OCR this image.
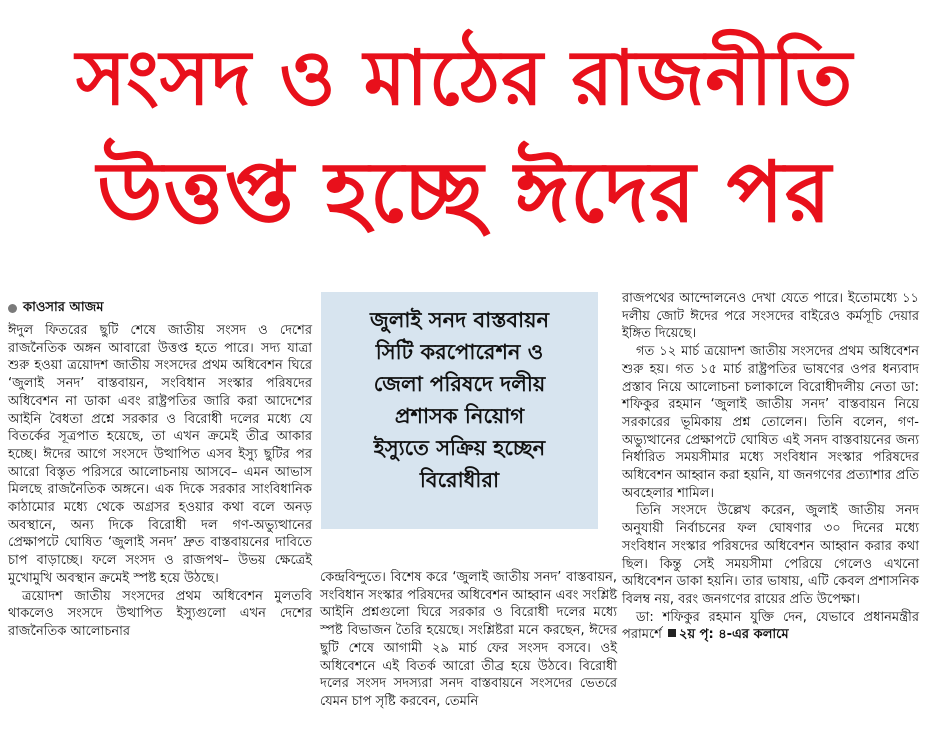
সংসদ ও মাঠের রাজনীতি
উত্তপ্ত হচ্ছে ঈদের পর
কাওসার আজম

ঈদুল ফিতরের ছুটি শেষে জাতীয় সংসদ ও দেশের রাজনৈতিক অঙ্গন আবারো উত্তপ্ত হতে পারে। সদ্য যাত্রা শুরু হওয়া ত্রয়োদশ জাতীয় সংসদের প্রথম অধিবেশন ঘিরে ‘জুলাই সনদ’ বাস্তবায়ন, সংবিধান সংস্কার পরিষদের অধিবেশন না ডাকা এবং রাষ্ট্রপতির জারি করা আদেশের আইনি বৈধতা প্রশ্নে সরকার ও বিরোধী দলের মধ্যে যে বিতর্কের সূত্রপাত হয়েছে, তা এখন ক্রমেই তীব্র আকার হচ্ছে। ঈদের আগে সংসদে উত্থাপিত এসব ইস্যু ছুটির পর আরো বিস্তৃত পরিসরে আলোচনায় আসবে– এমন আভাস মিলছে রাজনৈতিক অঙ্গনে। এক দিকে সরকার সাংবিধানিক কাঠামোর মধ্যে থেকে অগ্রসর হওয়ার কথা বলে অনড় অবস্থানে, অন্য দিকে বিরোধী দল গণ-অভ্যুত্থানের প্রেক্ষাপটে ঘোষিত ‘জুলাই সনদ’ দ্রুত বাস্তবায়নের দাবিতে চাপ বাড়াচ্ছে। ফলে সংসদ ও রাজপথ– উভয় ক্ষেত্রেই মুখোমুখি অবস্থান ক্রমেই স্পষ্ট হয়ে উঠছে।

ত্রয়োদশ জাতীয় সংসদের প্রথম অধিবেশন মুলতবি থাকলেও সংসদে উত্থাপিত ইস্যুগুলো এখন দেশের রাজনৈতিক আলোচনার

জুলাই সনদ বাস্তবায়ন
সিটি করপোরেশন ও
জেলা পরিষদে দলীয়
প্রশাসক নিয়োগ
ইস্যুতে সক্রিয় হচ্ছেন
বিরোধীরা

কেন্দ্রবিন্দুতে। বিশেষ করে ‘জুলাই জাতীয় সনদ’ বাস্তবায়ন, সংবিধান সংস্কার পরিষদের অধিবেশন আহ্বান এবং সংশ্লিষ্ট আইনি প্রশ্নগুলো ঘিরে সরকার ও বিরোধী দলের মধ্যে স্পষ্ট বিভাজন তৈরি হয়েছে। সংশ্লিষ্টরা মনে করছেন, ঈদের ছুটি শেষে আগামী ২৯ মার্চ ফের সংসদ বসবে। ওই অধিবেশনে এই বিতর্ক আরো তীব্র হয়ে উঠবে। বিরোধী দলের সংসদ সদস্যরা সনদ বাস্তবায়নে সংসদের ভেতরে যেমন চাপ সৃষ্টি করবেন, তেমনি

রাজপথের আন্দোলনেও দেখা যেতে পারে। ইতোমধ্যে ১১ দলীয় জোট ঈদের পরে সংসদের বাইরেও কর্মসূচি দেয়ার ইঙ্গিত দিয়েছে।

গত ১২ মার্চ ত্রয়োদশ জাতীয় সংসদের প্রথম অধিবেশন শুরু হয়। গত ১৫ মার্চ রাষ্ট্রপতির ভাষণের ওপর ধন্যবাদ প্রস্তাব নিয়ে আলোচনা চলাকালে বিরোধীদলীয় নেতা ডা: শফিকুর রহমান ‘জুলাই জাতীয় সনদ’ বাস্তবায়ন নিয়ে সরকারের ভূমিকায় প্রশ্ন তোলেন। তিনি বলেন, গণ-অভ্যুত্থানের প্রেক্ষাপটে ঘোষিত এই সনদ বাস্তবায়নের জন্য নির্ধারিত সময়সীমার মধ্যে সংবিধান সংস্কার পরিষদের অধিবেশন আহ্বান করা হয়নি, যা জনগণের প্রত্যাশার প্রতি অবহেলার শামিল।

তিনি সংসদে উল্লেখ করেন, জুলাই জাতীয় সনদ অনুযায়ী নির্বাচনের ফল ঘোষণার ৩০ দিনের মধ্যে সংবিধান সংস্কার পরিষদের অধিবেশন আহ্বান করার কথা ছিল। কিন্তু সেই সময়সীমা পেরিয়ে গেলেও এখনো অধিবেশন ডাকা হয়নি। তার ভাষায়, এটি কেবল প্রশাসনিক বিলম্ব নয়, বরং জনগণের রায়ের প্রতি উপেক্ষা।

ডা: শফিকুর রহমান যুক্তি দেন, যেভাবে প্রধানমন্ত্রীর পরামর্শে ২য় পৃ: ৪-এর কলামে
